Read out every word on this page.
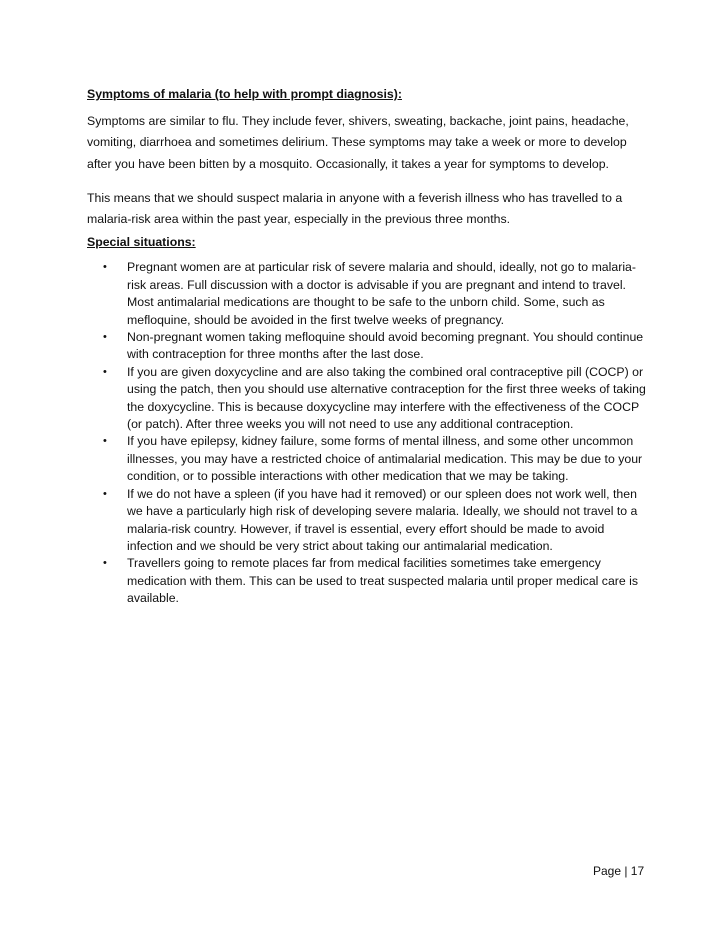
Symptoms of malaria (to help with prompt diagnosis):

Symptoms are similar to flu. They include fever, shivers, sweating, backache, joint pains, headache, vomiting, diarrhoea and sometimes delirium. These symptoms may take a week or more to develop after you have been bitten by a mosquito. Occasionally, it takes a year for symptoms to develop.

This means that we should suspect malaria in anyone with a feverish illness who has travelled to a malaria-risk area within the past year, especially in the previous three months.

Special situations:

• Pregnant women are at particular risk of severe malaria and should, ideally, not go to malaria-risk areas. Full discussion with a doctor is advisable if you are pregnant and intend to travel. Most antimalarial medications are thought to be safe to the unborn child. Some, such as mefloquine, should be avoided in the first twelve weeks of pregnancy.
• Non-pregnant women taking mefloquine should avoid becoming pregnant. You should continue with contraception for three months after the last dose.
• If you are given doxycycline and are also taking the combined oral contraceptive pill (COCP) or using the patch, then you should use alternative contraception for the first three weeks of taking the doxycycline. This is because doxycycline may interfere with the effectiveness of the COCP (or patch). After three weeks you will not need to use any additional contraception.
• If you have epilepsy, kidney failure, some forms of mental illness, and some other uncommon illnesses, you may have a restricted choice of antimalarial medication. This may be due to your condition, or to possible interactions with other medication that we may be taking.
• If we do not have a spleen (if you have had it removed) or our spleen does not work well, then we have a particularly high risk of developing severe malaria. Ideally, we should not travel to a malaria-risk country. However, if travel is essential, every effort should be made to avoid infection and we should be very strict about taking our antimalarial medication.
• Travellers going to remote places far from medical facilities sometimes take emergency medication with them. This can be used to treat suspected malaria until proper medical care is available.
Page | 17
